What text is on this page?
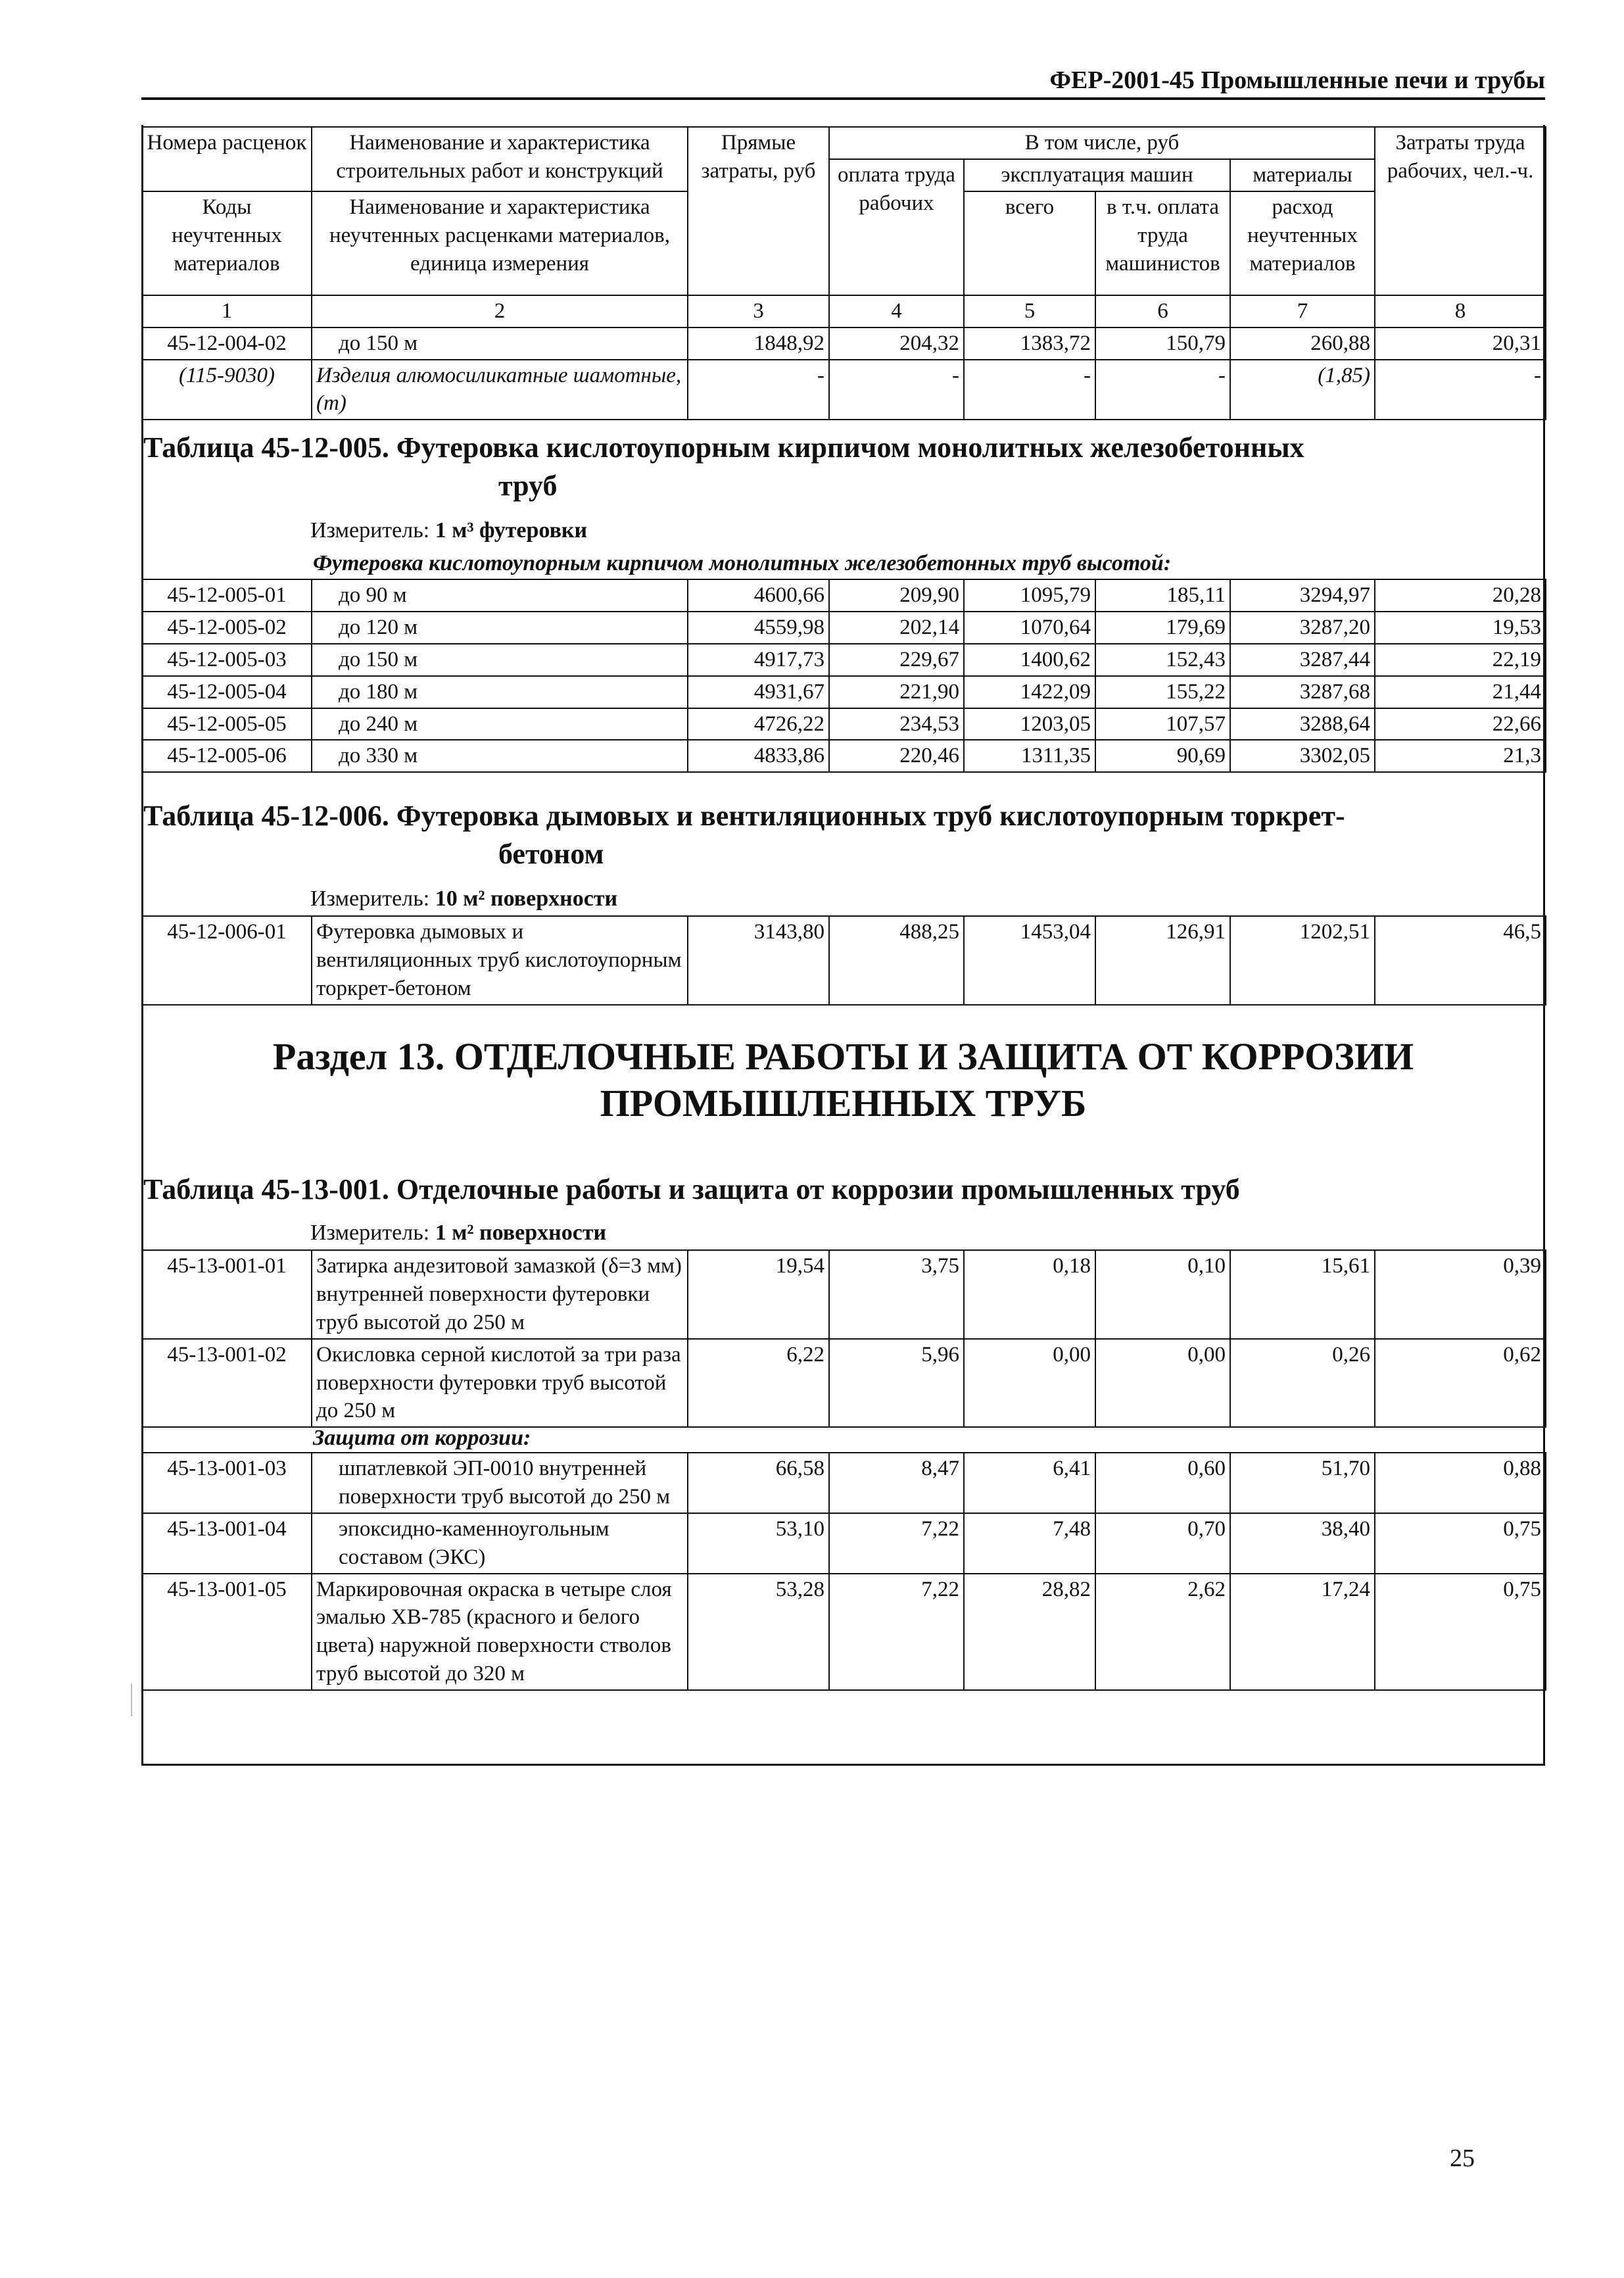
ФЕР-2001-45 Промышленные печи и трубы
Номера расценок	Наименование и характеристика строительных работ и конструкций	Прямые затраты, руб	В том числе, руб				Затраты труда рабочих, чел.-ч.
			оплата труда рабочих	эксплуатация машин		материалы	
Коды неучтенных материалов	Наименование и характеристика неучтенных расценками материалов, единица измерения			всего	в т.ч. оплата труда машинистов	расход неучтенных материалов	
1	2	3	4	5	6	7	8
45-12-004-02	до 150 м	1848,92	204,32	1383,72	150,79	260,88	20,31
(115-9030)	Изделия алюмосиликатные шамотные, (т)	-	-	-	-	(1,85)	-
Таблица 45-12-005. Футеровка кислотоупорным кирпичом монолитных железобетонных
труб
Измеритель: 1 м³ футеровки
Футеровка кислотоупорным кирпичом монолитных железобетонных труб высотой:
45-12-005-01	до 90 м	4600,66	209,90	1095,79	185,11	3294,97	20,28
45-12-005-02	до 120 м	4559,98	202,14	1070,64	179,69	3287,20	19,53
45-12-005-03	до 150 м	4917,73	229,67	1400,62	152,43	3287,44	22,19
45-12-005-04	до 180 м	4931,67	221,90	1422,09	155,22	3287,68	21,44
45-12-005-05	до 240 м	4726,22	234,53	1203,05	107,57	3288,64	22,66
45-12-005-06	до 330 м	4833,86	220,46	1311,35	90,69	3302,05	21,3
Таблица 45-12-006. Футеровка дымовых и вентиляционных труб кислотоупорным торкрет-
бетоном
Измеритель: 10 м² поверхности
45-12-006-01	Футеровка дымовых и вентиляционных труб кислотоупорным торкрет-бетоном	3143,80	488,25	1453,04	126,91	1202,51	46,5
Раздел 13. ОТДЕЛОЧНЫЕ РАБОТЫ И ЗАЩИТА ОТ КОРРОЗИИ
ПРОМЫШЛЕННЫХ ТРУБ
Таблица 45-13-001. Отделочные работы и защита от коррозии промышленных труб
Измеритель: 1 м² поверхности
45-13-001-01	Затирка андезитовой замазкой (δ=3 мм) внутренней поверхности футеровки труб высотой до 250 м	19,54	3,75	0,18	0,10	15,61	0,39
45-13-001-02	Окисловка серной кислотой за три раза поверхности футеровки труб высотой до 250 м	6,22	5,96	0,00	0,00	0,26	0,62
Защита от коррозии:
45-13-001-03	шпатлевкой ЭП-0010 внутренней поверхности труб высотой до 250 м	66,58	8,47	6,41	0,60	51,70	0,88
45-13-001-04	эпоксидно-каменноугольным составом (ЭКС)	53,10	7,22	7,48	0,70	38,40	0,75
45-13-001-05	Маркировочная окраска в четыре слоя эмалью ХВ-785 (красного и белого цвета) наружной поверхности стволов труб высотой до 320 м	53,28	7,22	28,82	2,62	17,24	0,75
25
